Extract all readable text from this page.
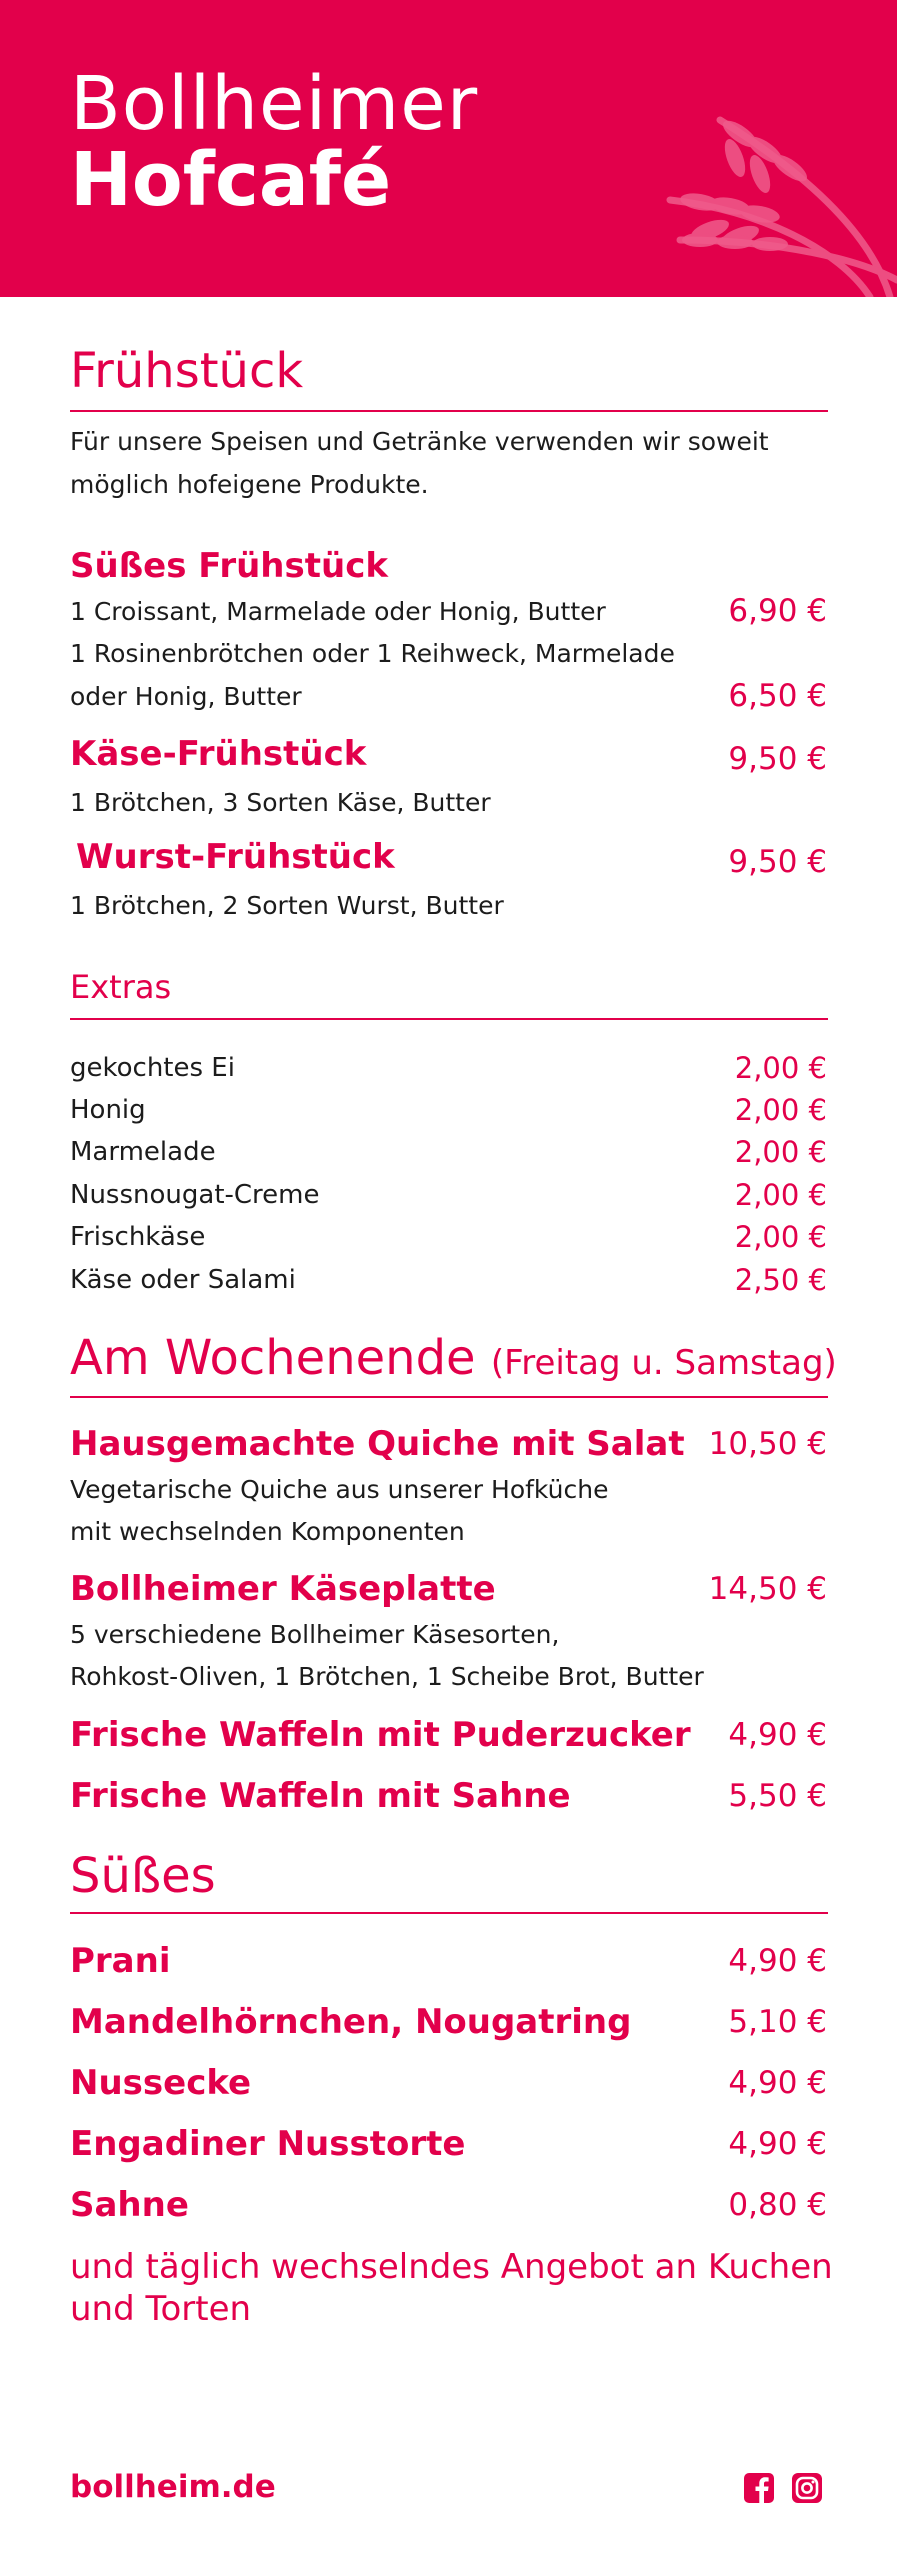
Bollheimer
Hofcafé
Frühstück
Für unsere Speisen und Getränke verwenden wir soweit möglich hofeigene Produkte.
Süßes Frühstück
1 Croissant, Marmelade oder Honig, Butter	6,90 €
1 Rosinenbrötchen oder 1 Reihweck, Marmelade
oder Honig, Butter	6,50 €
Käse-Frühstück	9,50 €
1 Brötchen, 3 Sorten Käse, Butter
Wurst-Frühstück	9,50 €
1 Brötchen, 2 Sorten Wurst, Butter
Extras
gekochtes Ei	2,00 €
Honig	2,00 €
Marmelade	2,00 €
Nussnougat-Creme	2,00 €
Frischkäse	2,00 €
Käse oder Salami	2,50 €
Am Wochenende (Freitag u. Samstag)
Hausgemachte Quiche mit Salat 10,50 €
Vegetarische Quiche aus unserer Hofküche
mit wechselnden Komponenten
Bollheimer Käseplatte	14,50 €
5 verschiedene Bollheimer Käsesorten,
Rohkost-Oliven, 1 Brötchen, 1 Scheibe Brot, Butter
Frische Waffeln mit Puderzucker 4,90 €
Frische Waffeln mit Sahne	5,50 €
Süßes
Prani	4,90 €
Mandelhörnchen, Nougatring	5,10 €
Nussecke	4,90 €
Engadiner Nusstorte	4,90 €
Sahne	0,80 €
und täglich wechselndes Angebot an Kuchen und Torten
bollheim.de
